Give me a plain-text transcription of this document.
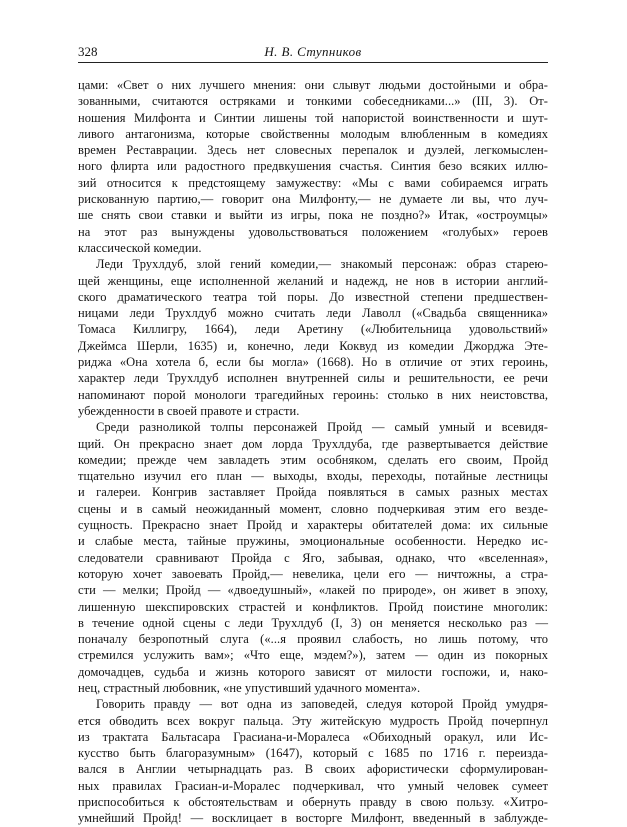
328	Н. В. Ступников
цами: «Свет о них лучшего мнения: они слывут людьми достойными и обра-
зованными, считаются остряками и тонкими собеседниками...» (III, 3). От-
ношения Милфонта и Синтии лишены той напористой воинственности и шут-
ливого антагонизма, которые свойственны молодым влюбленным в комедиях
времен Реставрации. Здесь нет словесных перепалок и дуэлей, легкомыслен-
ного флирта или радостного предвкушения счастья. Синтия безо всяких иллю-
зий относится к предстоящему замужеству: «Мы с вами собираемся играть
рискованную партию,— говорит она Милфонту,— не думаете ли вы, что луч-
ше снять свои ставки и выйти из игры, пока не поздно?» Итак, «остроумцы»
на этот раз вынуждены удовольствоваться положением «голубых» героев
классической комедии.
Леди Трухлдуб, злой гений комедии,— знакомый персонаж: образ старею-
щей женщины, еще исполненной желаний и надежд, не нов в истории англий-
ского драматического театра той поры. До известной степени предшествен-
ницами леди Трухлдуб можно считать леди Лаволл («Свадьба священника»
Томаса Киллигру, 1664), леди Аретину («Любительница удовольствий»
Джеймса Шерли, 1635) и, конечно, леди Коквуд из комедии Джорджа Эте-
риджа «Она хотела б, если бы могла» (1668). Но в отличие от этих героинь,
характер леди Трухлдуб исполнен внутренней силы и решительности, ее речи
напоминают порой монологи трагедийных героинь: столько в них неистовства,
убежденности в своей правоте и страсти.
Среди разноликой толпы персонажей Пройд — самый умный и всевидя-
щий. Он прекрасно знает дом лорда Трухлдуба, где развертывается действие
комедии; прежде чем завладеть этим особняком, сделать его своим, Пройд
тщательно изучил его план — выходы, входы, переходы, потайные лестницы
и галереи. Конгрив заставляет Пройда появляться в самых разных местах
сцены и в самый неожиданный момент, словно подчеркивая этим его везде-
сущность. Прекрасно знает Пройд и характеры обитателей дома: их сильные
и слабые места, тайные пружины, эмоциональные особенности. Нередко ис-
следователи сравнивают Пройда с Яго, забывая, однако, что «вселенная»,
которую хочет завоевать Пройд,— невелика, цели его — ничтожны, а стра-
сти — мелки; Пройд — «двоедушный», «лакей по природе», он живет в эпоху,
лишенную шекспировских страстей и конфликтов. Пройд поистине многолик:
в течение одной сцены с леди Трухлдуб (I, 3) он меняется несколько раз —
поначалу безропотный слуга («...я проявил слабость, но лишь потому, что
стремился услужить вам»; «Что еще, мэдем?»), затем — один из покорных
домочадцев, судьба и жизнь которого зависят от милости госпожи, и, нако-
нец, страстный любовник, «не упустивший удачного момента».
Говорить правду — вот одна из заповедей, следуя которой Пройд умудря-
ется обводить всех вокруг пальца. Эту житейскую мудрость Пройд почерпнул
из трактата Бальтасара Грасиана-и-Моралеса «Обиходный оракул, или Ис-
кусство быть благоразумным» (1647), который с 1685 по 1716 г. переизда-
вался в Англии четырнадцать раз. В своих афористически сформулирован-
ных правилах Грасиан-и-Моралес подчеркивал, что умный человек сумеет
приспособиться к обстоятельствам и обернуть правду в свою пользу. «Хитро-
умнейший Пройд! — восклицает в восторге Милфонт, введенный в заблужде-
